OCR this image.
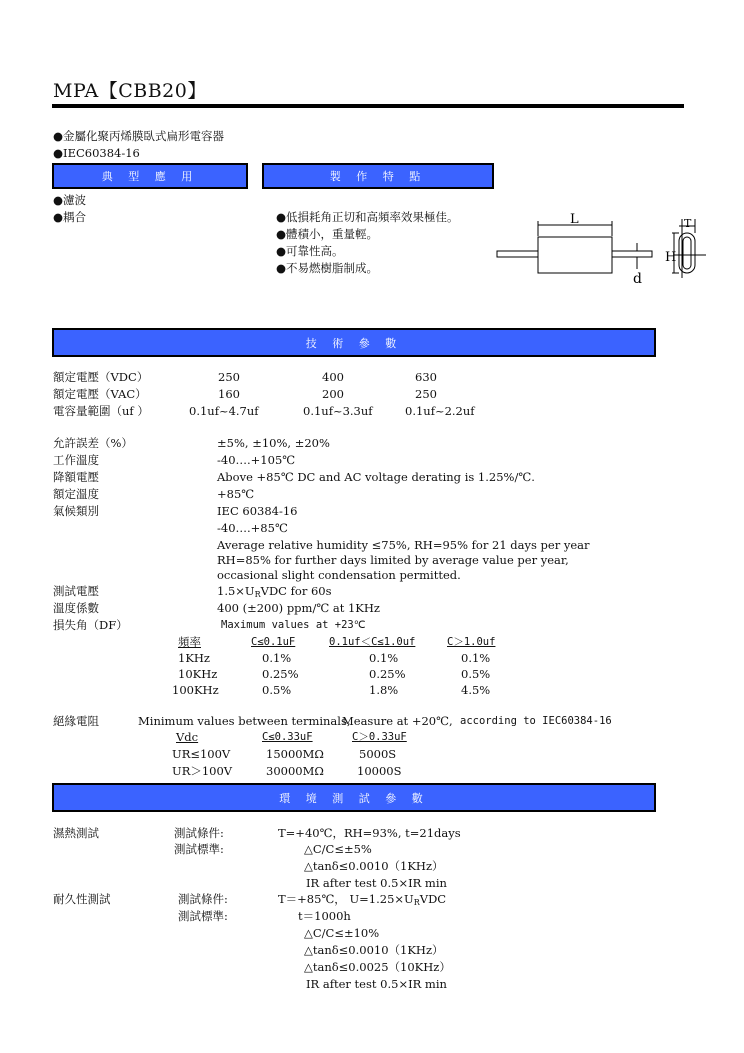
MPA【CBB20】
●金屬化聚丙烯膜臥式扁形電容器
●IEC60384-16
典 型 應 用	製 作 特 點
●濾波
●耦合	●低損耗角正切和高頻率效果極佳。
●體積小，重量輕。
●可靠性高。
●不易燃樹脂制成。
L
d
T
H
技 術 參 數
額定電壓（VDC）	250	400	630
額定電壓（VAC）	160	200	250
電容量範圍（uf ）	0.1uf~4.7uf	0.1uf~3.3uf	0.1uf~2.2uf
允許誤差（%）	±5%, ±10%, ±20%
工作溫度	-40….+105℃
降額電壓	Above +85℃ DC and AC voltage derating is 1.25%/℃.
額定溫度	+85℃
氣候類別	IEC 60384-16
-40….+85℃
Average relative humidity ≤75%, RH=95% for 21 days per year
RH=85% for further days limited by average value per year,
occasional slight condensation permitted.
測試電壓	$1.5\times U_RVDC$ for 60s
溫度係數	400 (±200) ppm/℃ at 1KHz
損失角（DF）	Maximum values at +23℃
頻率	C≤0.1uF	0.1uf＜C≤1.0uf	C＞1.0uf
1KHz	0.1%	0.1%	0.1%
10KHz	0.25%	0.25%	0.5%
100KHz	0.5%	1.8%	4.5%
絕緣電阻	Minimum values between terminals,
Measure at +20℃, according to IEC60384-16
Vdc	C≤0.33uF	C＞0.33uF
UR≤100V	15000MΩ	5000S
UR＞100V	30000MΩ	10000S
環 境 測 試 參 數
濕熱測試	測試條件:	T=+40℃，RH=93%, t=21days
測試標準:	△C/C≤±5%
△tanδ≤0.0010（1KHz）
IR after test 0.5×IR min
耐久性測試	測試條件:	T＝+85℃， $U=1.25\times U_RVDC$
測試標準:	t＝1000h
△C/C≤±10%
△tanδ≤0.0010（1KHz）
△tanδ≤0.0025（10KHz）
IR after test 0.5×IR min
